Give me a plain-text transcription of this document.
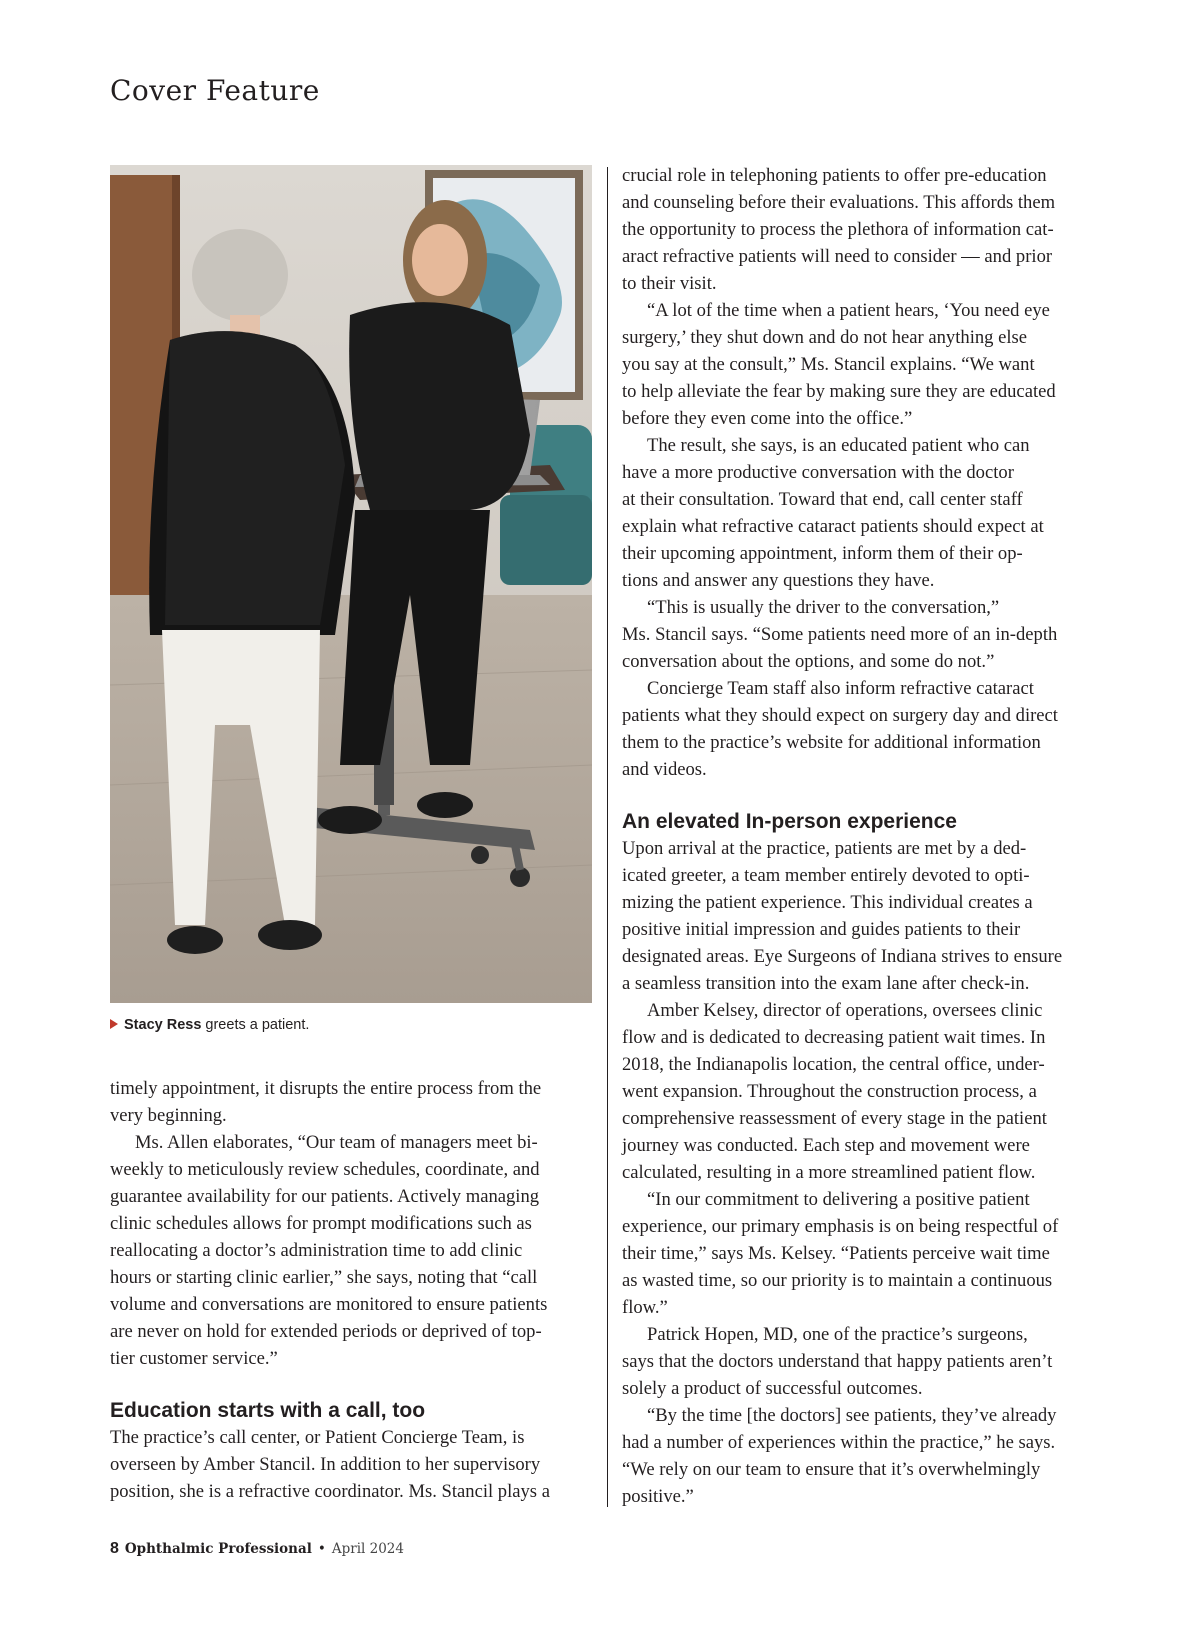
Cover Feature
Stacy Ress greets a patient.
timely appointment, it disrupts the entire process from the
very beginning.
Ms. Allen elaborates, “Our team of managers meet bi-
weekly to meticulously review schedules, coordinate, and
guarantee availability for our patients. Actively managing
clinic schedules allows for prompt modifications such as
reallocating a doctor’s administration time to add clinic
hours or starting clinic earlier,” she says, noting that “call
volume and conversations are monitored to ensure patients
are never on hold for extended periods or deprived of top-
tier customer service.”
Education starts with a call, too
The practice’s call center, or Patient Concierge Team, is
overseen by Amber Stancil. In addition to her supervisory
position, she is a refractive coordinator. Ms. Stancil plays a
crucial role in telephoning patients to offer pre-education
and counseling before their evaluations. This affords them
the opportunity to process the plethora of information cat-
aract refractive patients will need to consider — and prior
to their visit.
“A lot of the time when a patient hears, ‘You need eye
surgery,’ they shut down and do not hear anything else
you say at the consult,” Ms. Stancil explains. “We want
to help alleviate the fear by making sure they are educated
before they even come into the office.”
The result, she says, is an educated patient who can
have a more productive conversation with the doctor
at their consultation. Toward that end, call center staff
explain what refractive cataract patients should expect at
their upcoming appointment, inform them of their op-
tions and answer any questions they have.
“This is usually the driver to the conversation,”
Ms. Stancil says. “Some patients need more of an in-depth
conversation about the options, and some do not.”
Concierge Team staff also inform refractive cataract
patients what they should expect on surgery day and direct
them to the practice’s website for additional information
and videos.
An elevated In-person experience
Upon arrival at the practice, patients are met by a ded-
icated greeter, a team member entirely devoted to opti-
mizing the patient experience. This individual creates a
positive initial impression and guides patients to their
designated areas. Eye Surgeons of Indiana strives to ensure
a seamless transition into the exam lane after check-in.
Amber Kelsey, director of operations, oversees clinic
flow and is dedicated to decreasing patient wait times. In
2018, the Indianapolis location, the central office, under-
went expansion. Throughout the construction process, a
comprehensive reassessment of every stage in the patient
journey was conducted. Each step and movement were
calculated, resulting in a more streamlined patient flow.
“In our commitment to delivering a positive patient
experience, our primary emphasis is on being respectful of
their time,” says Ms. Kelsey. “Patients perceive wait time
as wasted time, so our priority is to maintain a continuous
flow.”
Patrick Hopen, MD, one of the practice’s surgeons,
says that the doctors understand that happy patients aren’t
solely a product of successful outcomes.
“By the time [the doctors] see patients, they’ve already
had a number of experiences within the practice,” he says.
“We rely on our team to ensure that it’s overwhelmingly
positive.”
8 Ophthalmic Professional • April 2024
